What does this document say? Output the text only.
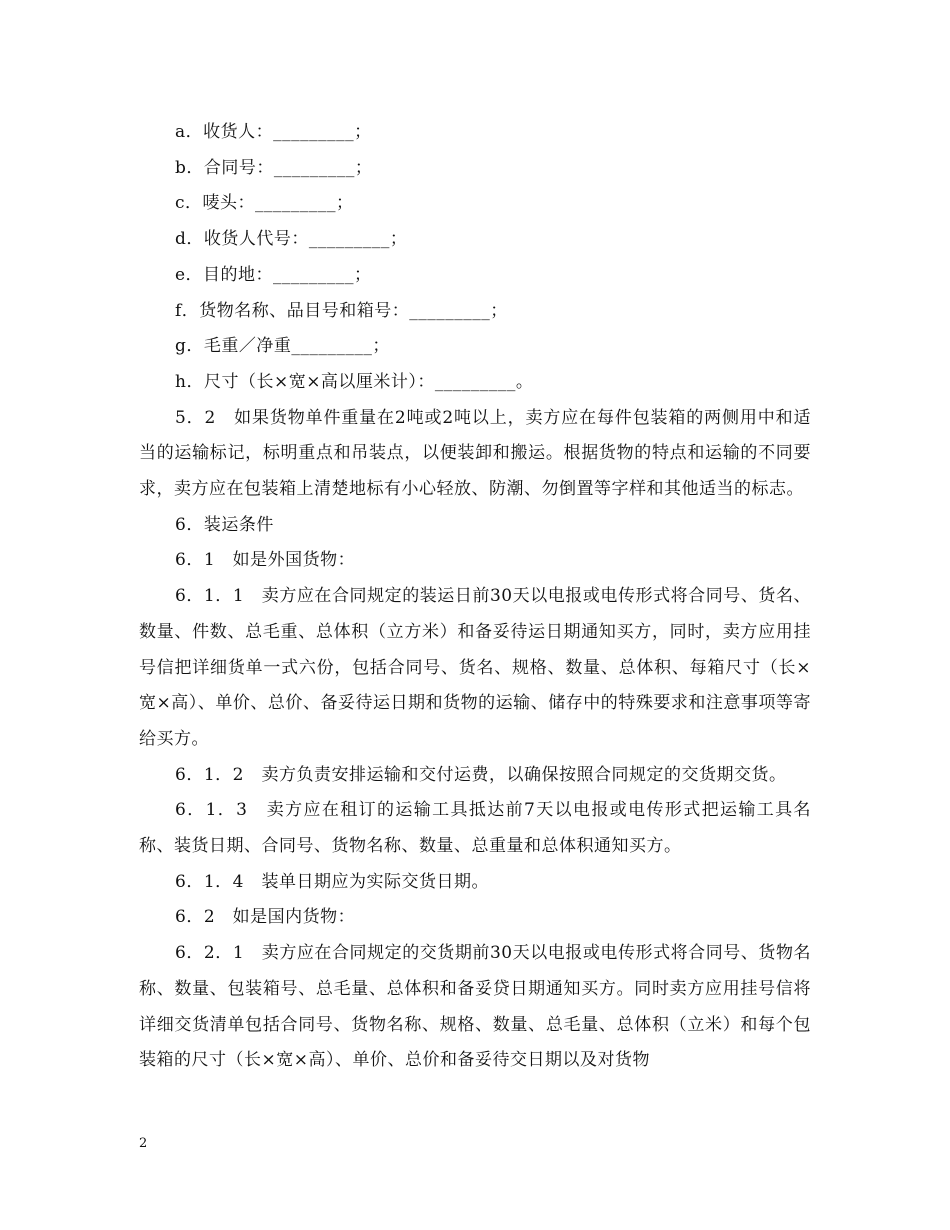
a．收货人：_________；

b．合同号：_________；

c．唛头：_________；

d．收货人代号：_________；

e．目的地：_________；

f．货物名称、品目号和箱号：_________；

g．毛重／净重_________；

h．尺寸（长×宽×高以厘米计）：_________。

5．2　如果货物单件重量在2吨或2吨以上，卖方应在每件包装箱的两侧用中和适当的运输标记，标明重点和吊装点，以便装卸和搬运。根据货物的特点和运输的不同要求，卖方应在包装箱上清楚地标有小心轻放、防潮、勿倒置等字样和其他适当的标志。

6．装运条件

6．1　如是外国货物：

6．1．1　卖方应在合同规定的装运日前30天以电报或电传形式将合同号、货名、数量、件数、总毛重、总体积（立方米）和备妥待运日期通知买方，同时，卖方应用挂号信把详细货单一式六份，包括合同号、货名、规格、数量、总体积、每箱尺寸（长×宽×高）、单价、总价、备妥待运日期和货物的运输、储存中的特殊要求和注意事项等寄给买方。

6．1．2　卖方负责安排运输和交付运费，以确保按照合同规定的交货期交货。

6．1．3　卖方应在租订的运输工具抵达前7天以电报或电传形式把运输工具名称、装货日期、合同号、货物名称、数量、总重量和总体积通知买方。

6．1．4　装单日期应为实际交货日期。

6．2　如是国内货物：

6．2．1　卖方应在合同规定的交货期前30天以电报或电传形式将合同号、货物名称、数量、包装箱号、总毛量、总体积和备妥贷日期通知买方。同时卖方应用挂号信将详细交货清单包括合同号、货物名称、规格、数量、总毛量、总体积（立米）和每个包装箱的尺寸（长×宽×高）、单价、总价和备妥待交日期以及对货物

2
